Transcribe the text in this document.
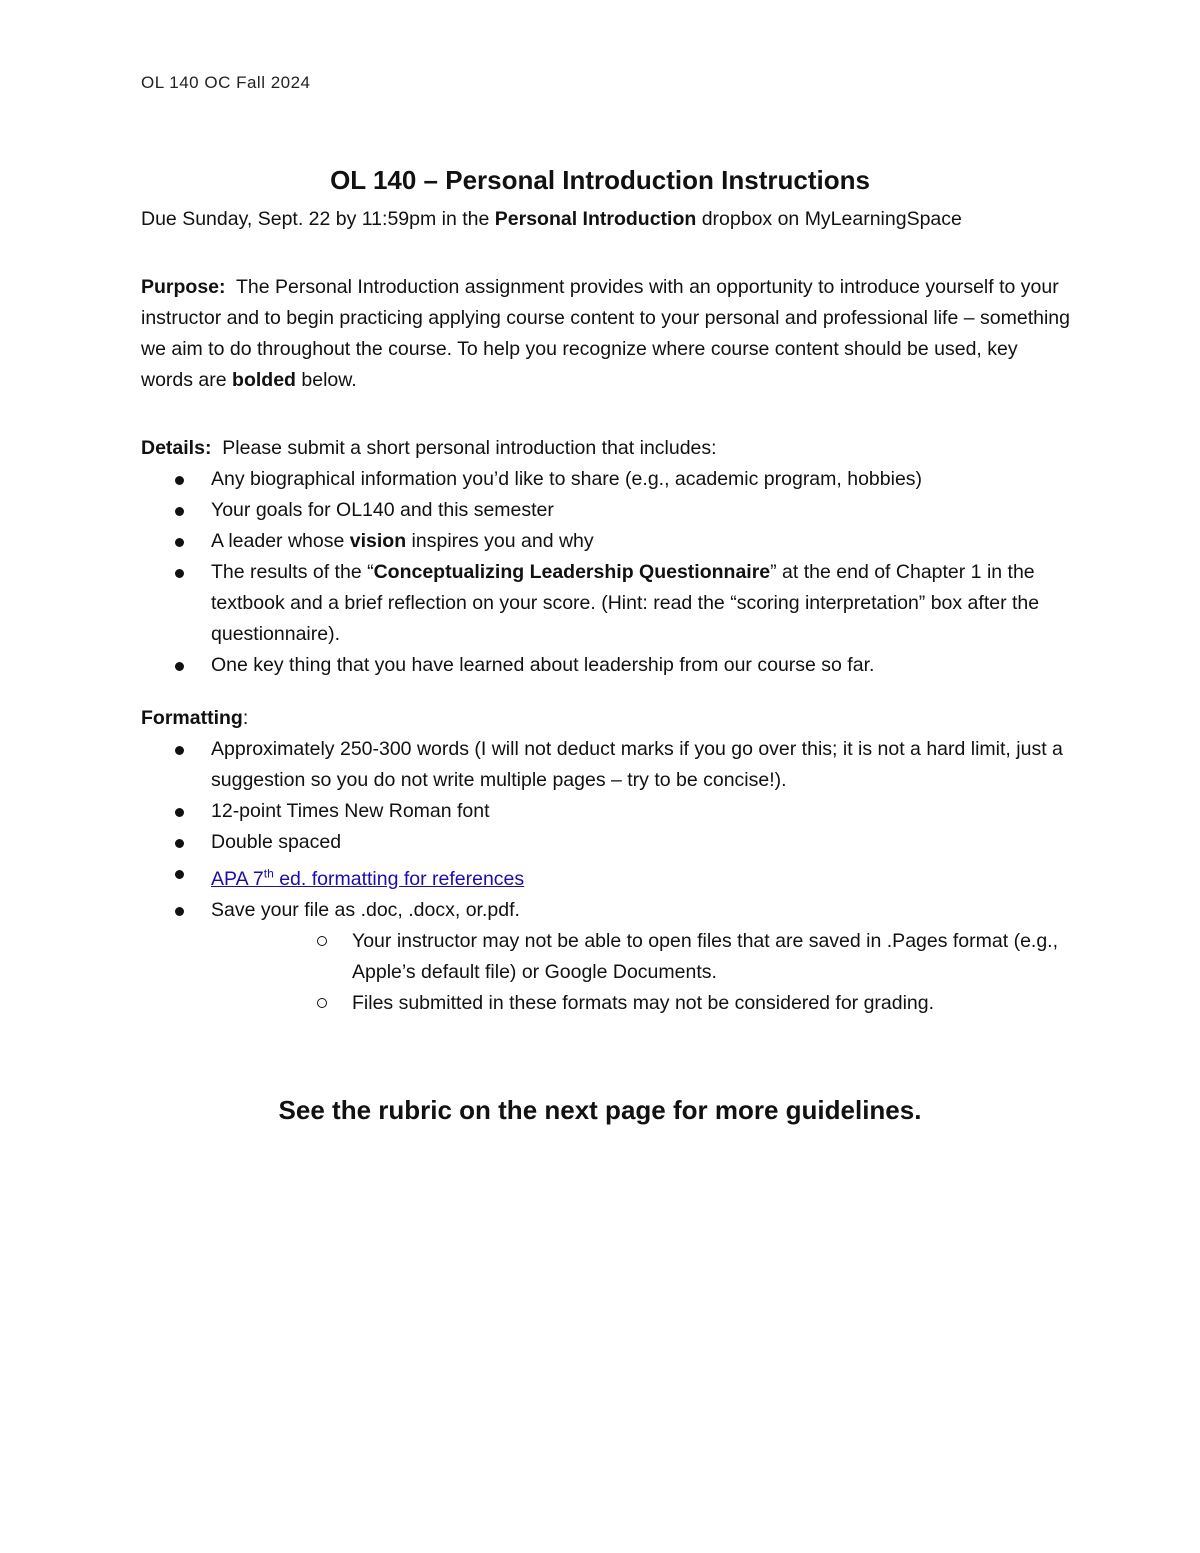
OL 140 OC Fall 2024
OL 140 – Personal Introduction Instructions
Due Sunday, Sept. 22 by 11:59pm in the Personal Introduction dropbox on MyLearningSpace
Purpose:  The Personal Introduction assignment provides with an opportunity to introduce yourself to your instructor and to begin practicing applying course content to your personal and professional life – something we aim to do throughout the course. To help you recognize where course content should be used, key words are bolded below.
Details:  Please submit a short personal introduction that includes:
Any biographical information you’d like to share (e.g., academic program, hobbies)
Your goals for OL140 and this semester
A leader whose vision inspires you and why
The results of the “Conceptualizing Leadership Questionnaire” at the end of Chapter 1 in the textbook and a brief reflection on your score. (Hint: read the “scoring interpretation” box after the questionnaire).
One key thing that you have learned about leadership from our course so far.
Formatting:
Approximately 250-300 words (I will not deduct marks if you go over this; it is not a hard limit, just a suggestion so you do not write multiple pages – try to be concise!).
12-point Times New Roman font
Double spaced
APA 7th ed. formatting for references
Save your file as .doc, .docx, or.pdf.
Your instructor may not be able to open files that are saved in .Pages format (e.g., Apple’s default file) or Google Documents.
Files submitted in these formats may not be considered for grading.
See the rubric on the next page for more guidelines.
